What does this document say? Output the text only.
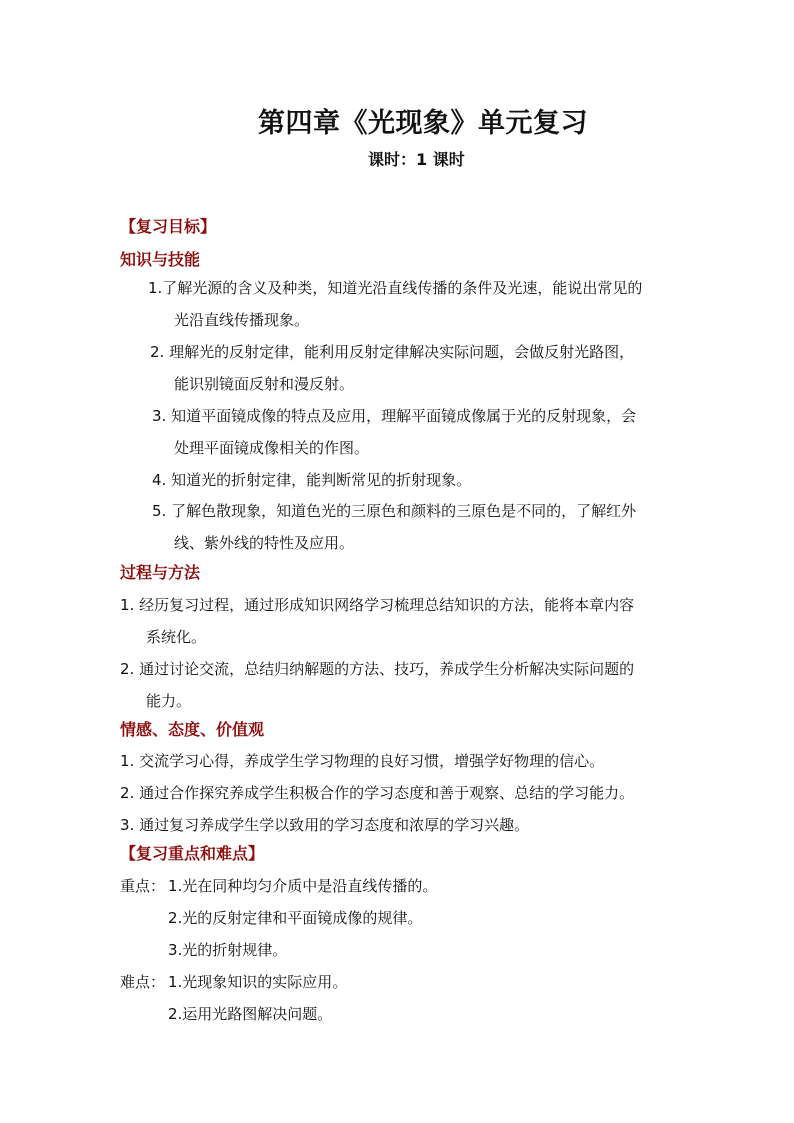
第四章《光现象》单元复习
课时：1 课时
【复习目标】
知识与技能
1.了解光源的含义及种类，知道光沿直线传播的条件及光速，能说出常见的
光沿直线传播现象。
2. 理解光的反射定律，能利用反射定律解决实际问题，会做反射光路图，
能识别镜面反射和漫反射。
3. 知道平面镜成像的特点及应用，理解平面镜成像属于光的反射现象，会
处理平面镜成像相关的作图。
4. 知道光的折射定律，能判断常见的折射现象。
5. 了解色散现象，知道色光的三原色和颜料的三原色是不同的，了解红外
线、紫外线的特性及应用。
过程与方法
1. 经历复习过程，通过形成知识网络学习梳理总结知识的方法，能将本章内容
系统化。
2. 通过讨论交流，总结归纳解题的方法、技巧，养成学生分析解决实际问题的
能力。
情感、态度、价值观
1. 交流学习心得，养成学生学习物理的良好习惯，增强学好物理的信心。
2. 通过合作探究养成学生积极合作的学习态度和善于观察、总结的学习能力。
3. 通过复习养成学生学以致用的学习态度和浓厚的学习兴趣。
【复习重点和难点】
重点： 1.光在同种均匀介质中是沿直线传播的。
2.光的反射定律和平面镜成像的规律。
3.光的折射规律。
难点： 1.光现象知识的实际应用。
2.运用光路图解决问题。
